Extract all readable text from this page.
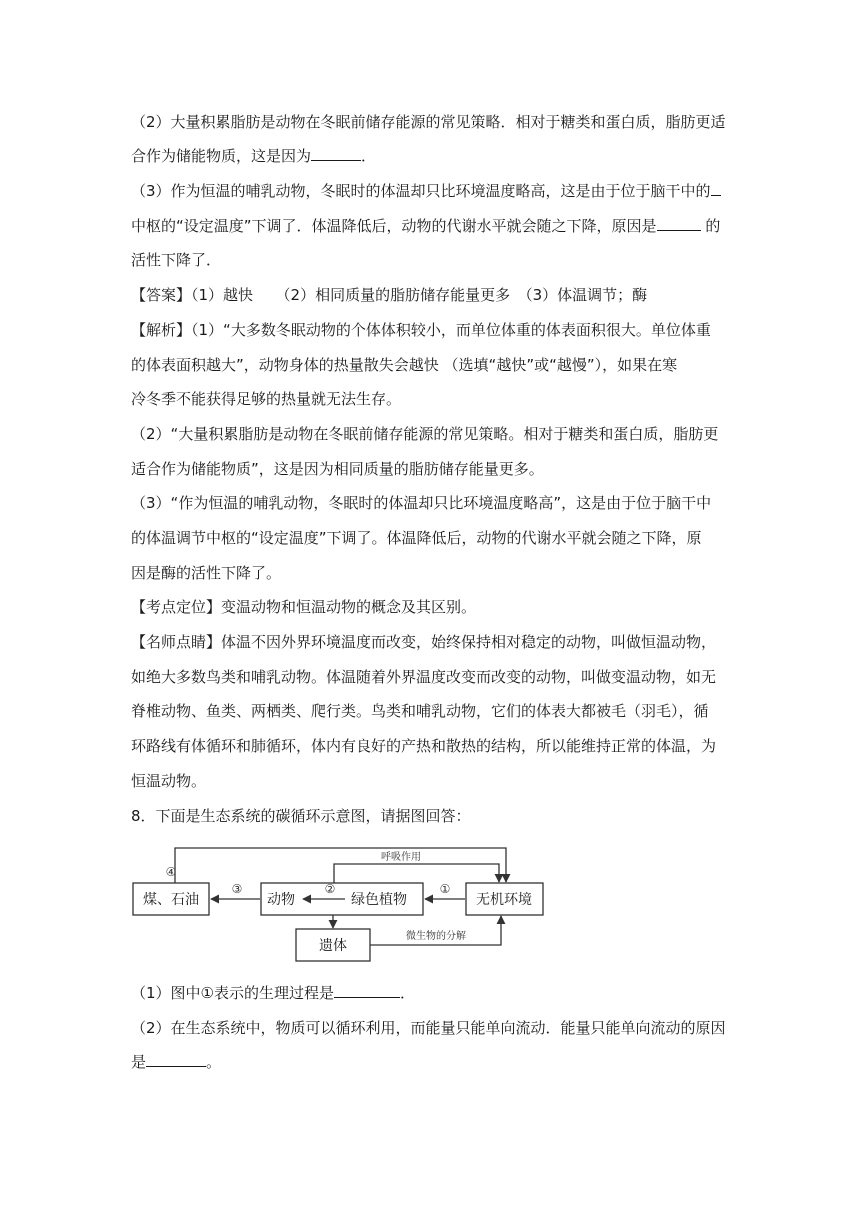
（2）大量积累脂肪是动物在冬眠前储存能源的常见策略．相对于糖类和蛋白质，脂肪更适
合作为储能物质，这是因为	．
（3）作为恒温的哺乳动物，冬眠时的体温却只比环境温度略高，这是由于位于脑干中的
中枢的“设定温度”下调了．体温降低后，动物的代谢水平就会随之下降，原因是	的
活性下降了．
【答案】（1）越快　　（2）相同质量的脂肪储存能量更多　（3）体温调节；酶
【解析】（1）“大多数冬眠动物的个体体积较小，而单位体重的体表面积很大。单位体重
的体表面积越大”，动物身体的热量散失会越快 （选填“越快”或“越慢”），如果在寒
冷冬季不能获得足够的热量就无法生存。
（2）“大量积累脂肪是动物在冬眠前储存能源的常见策略。相对于糖类和蛋白质，脂肪更
适合作为储能物质”，这是因为相同质量的脂肪储存能量更多。
（3）“作为恒温的哺乳动物，冬眠时的体温却只比环境温度略高”，这是由于位于脑干中
的体温调节中枢的“设定温度”下调了。体温降低后，动物的代谢水平就会随之下降，原
因是酶的活性下降了。
【考点定位】变温动物和恒温动物的概念及其区别。
【名师点睛】体温不因外界环境温度而改变，始终保持相对稳定的动物，叫做恒温动物，
如绝大多数鸟类和哺乳动物。体温随着外界温度改变而改变的动物，叫做变温动物，如无
脊椎动物、鱼类、两栖类、爬行类。鸟类和哺乳动物，它们的体表大都被毛（羽毛），循
环路线有体循环和肺循环，体内有良好的产热和散热的结构，所以能维持正常的体温，为
恒温动物。
8．下面是生态系统的碳循环示意图，请据图回答：
煤、石油	动物	绿色植物	无机环境
遗体
④
呼吸作用
③	②	①
微生物的分解
（1）图中①表示的生理过程是	．
（2）在生态系统中，物质可以循环利用，而能量只能单向流动．能量只能单向流动的原因
是	。
